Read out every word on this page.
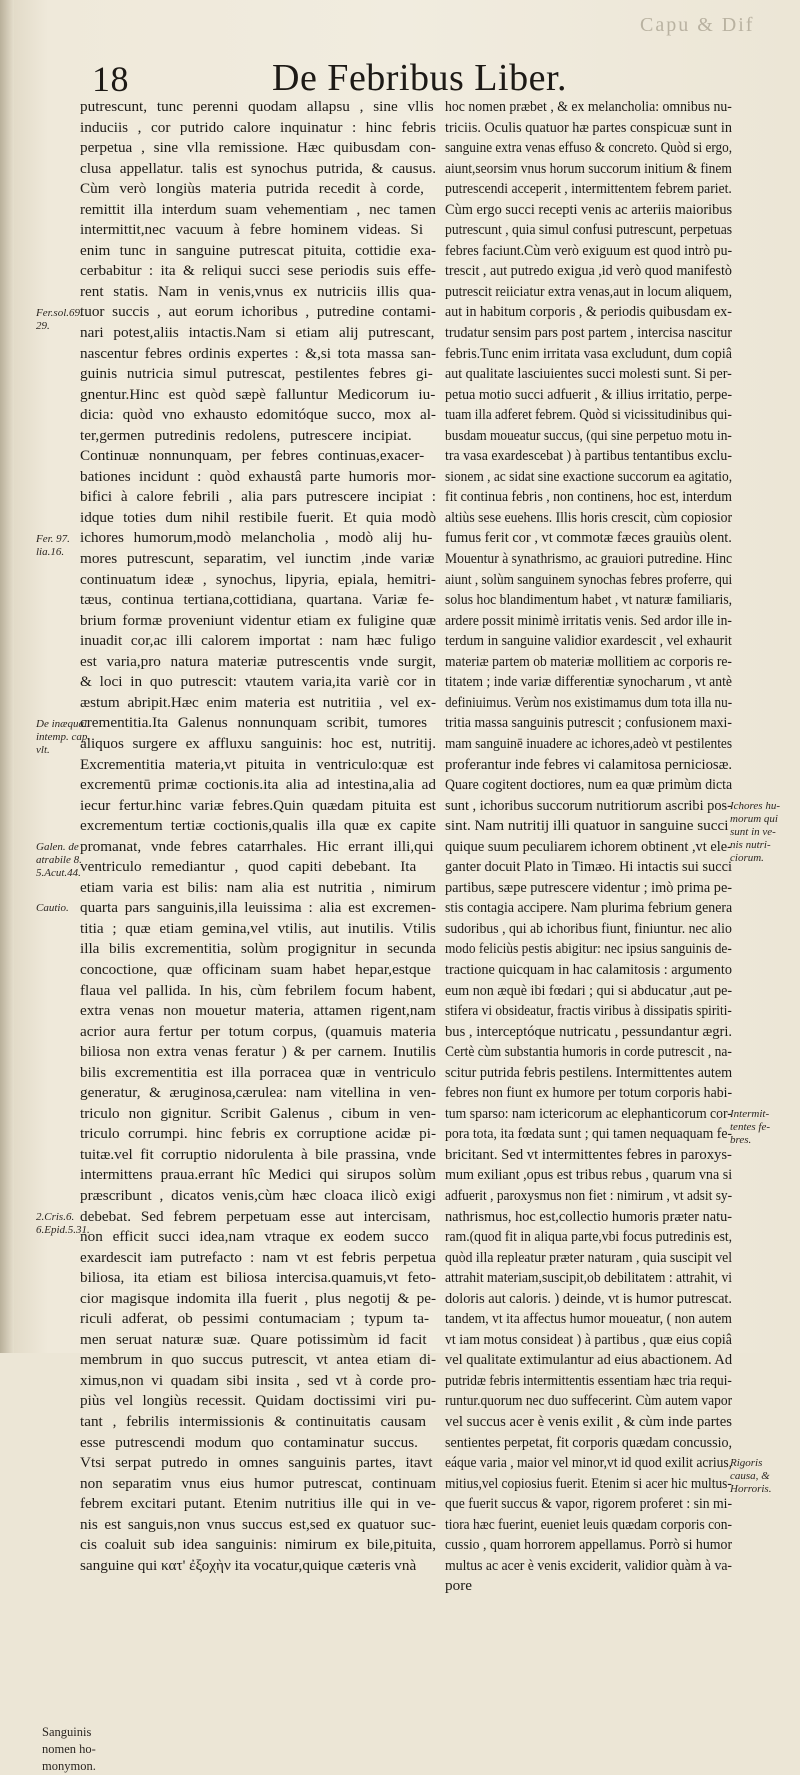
Capu & Dif
18	De Febribus Liber.

putrescunt, tunc perenni quodam allapsu , sine vllis

induciis , cor putrido calore inquinatur : hinc febris

perpetua , sine vlla remissione. Hæc quibusdam con-

clusa appellatur. talis est synochus putrida, & causus.

Cùm verò longiùs materia putrida recedit à corde,

remittit illa interdum suam vehementiam , nec tamen

intermittit,nec vacuum à febre hominem videas. Si

enim tunc in sanguine putrescat pituita, cottidie exa-

cerbabitur : ita & reliqui succi sese periodis suis effe-

rent statis. Nam in venis,vnus ex nutriciis illis qua-

tuor succis , aut eorum ichoribus , putredine contami-

nari potest,aliis intactis.Nam si etiam alij putrescant,

nascentur febres ordinis expertes : &,si tota massa san-

guinis nutricia simul putrescat, pestilentes febres gi-

gnentur.Hinc est quòd sæpè falluntur Medicorum iu-

dicia: quòd vno exhausto edomitóque succo, mox al-

ter,germen putredinis redolens, putrescere incipiat.

Continuæ nonnunquam, per febres continuas,exacer-

bationes incidunt : quòd exhaustâ parte humoris mor-

bifici à calore febrili , alia pars putrescere incipiat :

idque toties dum nihil restibile fuerit. Et quia modò

ichores humorum,modò melancholia , modò alij hu-

mores putrescunt, separatim, vel iunctim ,inde variæ

continuatum ideæ , synochus, lipyria, epiala, hemitri-

tæus, continua tertiana,cottidiana, quartana. Variæ fe-

brium formæ proveniunt videntur etiam ex fuligine quæ

inuadit cor,ac illi calorem importat : nam hæc fuligo

est varia,pro natura materiæ putrescentis vnde surgit,

& loci in quo putrescit: vtautem varia,ita variè cor in

æstum abripit.Hæc enim materia est nutritiia , vel ex-

crementitia.Ita Galenus nonnunquam scribit, tumores

aliquos surgere ex affluxu sanguinis: hoc est, nutritij.

Excrementitia materia,vt pituita in ventriculo:quæ est

excrementū primæ coctionis.ita alia ad intestina,alia ad

iecur fertur.hinc variæ febres.Quin quædam pituita est

excrementum tertiæ coctionis,qualis illa quæ ex capite

promanat, vnde febres catarrhales. Hic errant illi,qui

ventriculo remediantur , quod capiti debebant. Ita

etiam varia est bilis: nam alia est nutritia , nimirum

quarta pars sanguinis,illa leuissima : alia est excremen-

titia ; quæ etiam gemina,vel vtilis, aut inutilis. Vtilis

illa bilis excrementitia, solùm progignitur in secunda

concoctione, quæ officinam suam habet hepar,estque

flaua vel pallida. In his, cùm febrilem focum habent,

extra venas non mouetur materia, attamen rigent,nam

acrior aura fertur per totum corpus, (quamuis materia

biliosa non extra venas feratur ) & per carnem. Inutilis

bilis excrementitia est illa porracea quæ in ventriculo

generatur, & æruginosa,cærulea: nam vitellina in ven-

triculo non gignitur. Scribit Galenus , cibum in ven-

triculo corrumpi. hinc febris ex corruptione acidæ pi-

tuitæ.vel fit corruptio nidorulenta à bile prassina, vnde

intermittens praua.errant hîc Medici qui sirupos solùm

præscribunt , dicatos venis,cùm hæc cloaca ilicò exigi

debebat. Sed febrem perpetuam esse aut intercisam,

non efficit succi idea,nam vtraque ex eodem succo

exardescit iam putrefacto : nam vt est febris perpetua

biliosa, ita etiam est biliosa intercisa.quamuis,vt feto-

cior magisque indomita illa fuerit , plus negotij & pe-

riculi adferat, ob pessimi contumaciam ; typum ta-

men seruat naturæ suæ. Quare potissimùm id facit

membrum in quo succus putrescit, vt antea etiam di-

ximus,non vi quadam sibi insita , sed vt à corde pro-

piùs vel longiùs recessit. Quidam doctissimi viri pu-

tant , febrilis intermissionis & continuitatis causam

esse putrescendi modum quo contaminatur succus.

Vtsi serpat putredo in omnes sanguinis partes, itavt

non separatim vnus eius humor putrescat, continuam

febrem excitari putant. Etenim nutritius ille qui in ve-

nis est sanguis,non vnus succus est,sed ex quatuor suc-

cis coaluit sub idea sanguinis: nimirum ex bile,pituita,

sanguine qui κατ' ἐξοχὴν ita vocatur,quique cæteris vnà

hoc nomen præbet , & ex melancholia: omnibus nu-

triciis. Oculis quatuor hæ partes conspicuæ sunt in

sanguine extra venas effuso & concreto. Quòd si ergo,

aiunt,seorsim vnus horum succorum initium & finem

putrescendi acceperit , intermittentem febrem pariet.

Cùm ergo succi recepti venis ac arteriis maioribus

putrescunt , quia simul confusi putrescunt, perpetuas

febres faciunt.Cùm verò exiguum est quod intrò pu-

trescit , aut putredo exigua ,id verò quod manifestò

putrescit reiiciatur extra venas,aut in locum aliquem,

aut in habitum corporis , & periodis quibusdam ex-

trudatur sensim pars post partem , intercisa nascitur

febris.Tunc enim irritata vasa excludunt, dum copiâ

aut qualitate lasciuientes succi molesti sunt. Si per-

petua motio succi adfuerit , & illius irritatio, perpe-

tuam illa adferet febrem. Quòd si vicissitudinibus qui-

busdam moueatur succus, (qui sine perpetuo motu in-

tra vasa exardescebat ) à partibus tentantibus exclu-

sionem , ac sidat sine exactione succorum ea agitatio,

fit continua febris , non continens, hoc est, interdum

altiùs sese euehens. Illis horis crescit, cùm copiosior

fumus ferit cor , vt commotæ fæces grauiùs olent.

Mouentur à synathrismo, ac grauiori putredine. Hinc

aiunt , solùm sanguinem synochas febres proferre, qui

solus hoc blandimentum habet , vt naturæ familiaris,

ardere possit minimè irritatis venis. Sed ardor ille in-

terdum in sanguine validior exardescit , vel exhaurit

materiæ partem ob materiæ mollitiem ac corporis re-

titatem ; inde variæ differentiæ synocharum , vt antè

definiuimus. Verùm nos existimamus dum tota illa nu-

tritia massa sanguinis putrescit ; confusionem maxi-

mam sanguinē inuadere ac ichores,adeò vt pestilentes

proferantur inde febres vi calamitosa perniciosæ.

Quare cogitent doctiores, num ea quæ primùm dicta

sunt , ichoribus succorum nutritiorum ascribi pos-

sint. Nam nutritij illi quatuor in sanguine succi

quique suum peculiarem ichorem obtinent ,vt ele-

ganter docuit Plato in Timæo. Hi intactis sui succi

partibus, sæpe putrescere videntur ; imò prima pe-

stis contagia accipere. Nam plurima febrium genera

sudoribus , qui ab ichoribus fiunt, finiuntur. nec alio

modo feliciùs pestis abigitur: nec ipsius sanguinis de-

tractione quicquam in hac calamitosis : argumento

eum non æquè ibi fœdari ; qui si abducatur ,aut pe-

stifera vi obsideatur, fractis viribus à dissipatis spiriti-

bus , interceptóque nutricatu , pessundantur ægri.

Certè cùm substantia humoris in corde putrescit , na-

scitur putrida febris pestilens. Intermittentes autem

febres non fiunt ex humore per totum corporis habi-

tum sparso: nam ictericorum ac elephanticorum cor-

pora tota, ita fœdata sunt ; qui tamen nequaquam fe-

bricitant. Sed vt intermittentes febres in paroxys-

mum exiliant ,opus est tribus rebus , quarum vna si

adfuerit , paroxysmus non fiet : nimirum , vt adsit sy-

nathrismus, hoc est,collectio humoris præter natu-

ram.(quod fit in aliqua parte,vbi focus putredinis est,

quòd illa repleatur præter naturam , quia suscipit vel

attrahit materiam,suscipit,ob debilitatem : attrahit, vi

doloris aut caloris. ) deinde, vt is humor putrescat.

tandem, vt ita affectus humor moueatur, ( non autem

vt iam motus consideat ) à partibus , quæ eius copiâ

vel qualitate extimulantur ad eius abactionem. Ad

putridæ febris intermittentis essentiam hæc tria requi-

runtur.quorum nec duo suffecerint. Cùm autem vapor

vel succus acer è venis exilit , & cùm inde partes

sentientes perpetat, fit corporis quædam concussio,

eáque varia , maior vel minor,vt id quod exilit acrius,

mitius,vel copiosius fuerit. Etenim si acer hic multus-

que fuerit succus & vapor, rigorem proferet : sin mi-

tiora hæc fuerint, eueniet leuis quædam corporis con-

cussio , quam horrorem appellamus. Porrò si humor

multus ac acer è venis exciderit, validior quàm à va-

pore

Fer.sol.69.
29.
Fer. 97.
lia.16.
De inæqual.
intemp. cap.
vlt.
Galen. de
atrabile 8.
5.Acut.44.
Cautio.
2.Cris.6.
6.Epid.5.31.
Sanguinis
nomen ho-
monymon.
Ichores hu-
morum qui
sunt in ve-
nis nutri-
ciorum.
Intermit-
tentes fe-
bres.
Rigoris
causa, &
Horroris.
